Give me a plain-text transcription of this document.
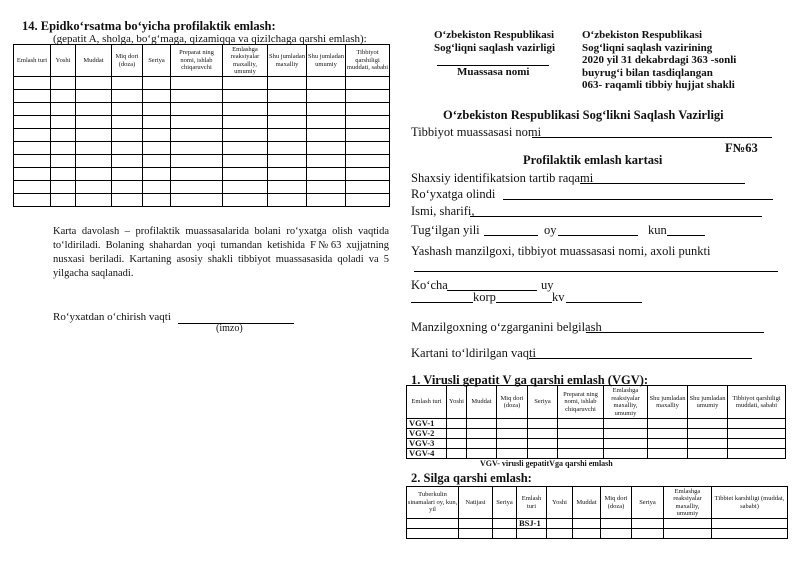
14. Epidkoʻrsatma boʻyicha profilaktik emlash:
(gepatit A, sholga, boʻgʻmaga, qizamiqqa va qizilchaga qarshi emlash):
Emlash turi	Yoshi	Muddat	Miq dori (doza)	Seriya	Preparat ning nomi, ishlab chiqaruvchi	Emlashga reaksiyalar maxalliy, umumiy	Shu jumladan maxalliy	Shu jumladan umumiy	Tibbiyot qarshiligi muddati, sababi

Karta davolash – profilaktik muassasalarida bolani roʻyxatga olish vaqtida toʻldiriladi. Bolaning shahardan yoqi tumandan ketishida F№63 xujjatning nusxasi beriladi. Kartaning asosiy shakli tibbiyot muassasasida qoladi va 5 yilgacha saqlanadi.
Roʻyxatdan oʻchirish vaqti
(imzo)
Oʻzbekiston Respublikasi
Sogʻliqni saqlash vazirligi
Muassasa nomi
Oʻzbekiston Respublikasi
Sogʻliqni saqlash vazirining
2020 yil 31 dekabrdagi 363 -sonli
buyrugʻi bilan tasdiqlangan
063- raqamli tibbiy hujjat shakli
Oʻzbekiston Respublikasi Sogʻlikni Saqlash Vazirligi
Tibbiyot muassasasi nomi
F№63
Profilaktik emlash kartasi
Shaxsiy identifikatsion tartib raqami
Roʻyxatga olindi
Ismi, sharifi,
Tugʻilgan yili	oy	kun
Yashash manzilgoxi, tibbiyot muassasasi nomi, axoli punkti
Koʻcha	uy
korp	kv
Manzilgoxning oʻzgarganini belgilash
Kartani toʻldirilgan vaqti
1. Virusli gepatit V ga qarshi emlash (VGV):
Emlash turi	Yoshi	Muddat	Miq dori (doza)	Seriya	Preparat ning nomi, ishlab chiqaruvchi	Emlashga reaksiyalar maxalliy, umumiy	Shu jumladan maxalliy	Shu jumladan umumiy	Tibbiyot qarshiligi muddati, sababi
VGV-1									
VGV-2									
VGV-3									
VGV-4									
VGV- virusli gepatitVga qarshi emlash
2. Silga qarshi emlash:
Tuberkulin sinamalari oy, kun, yil	Natijasi	Seriya	Emlash turi	Yoshi	Muddat	Miq dori (doza)	Seriya	Emlashga reaksiyalar maxalliy, umumiy	Tibbiet karshiligi (muddat, sababi)
			BSJ-1						
